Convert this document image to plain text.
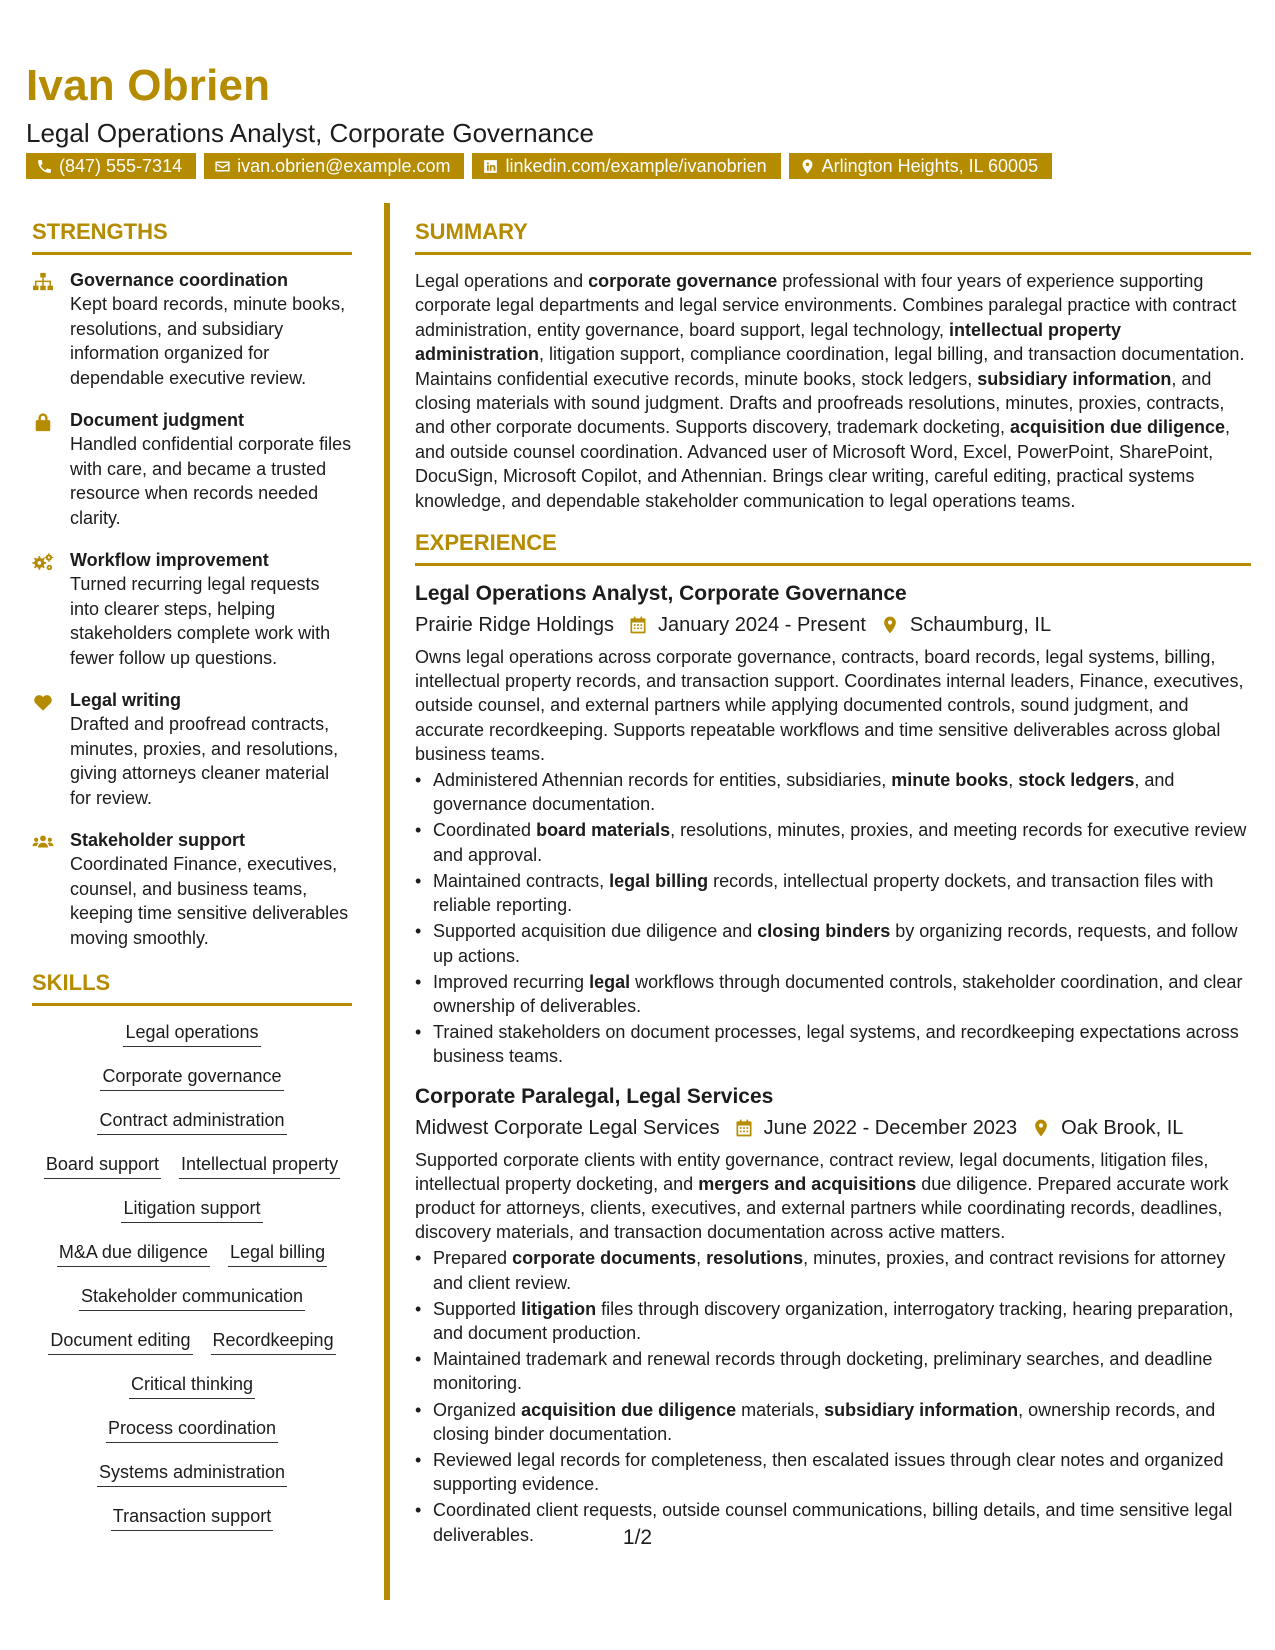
Ivan Obrien
Legal Operations Analyst, Corporate Governance
(847) 555-7314	ivan.obrien@example.com	linkedin.com/example/ivanobrien	Arlington Heights, IL 60005
STRENGTHS
Governance coordination
Kept board records, minute books, resolutions, and subsidiary information organized for dependable executive review.
Document judgment
Handled confidential corporate files with care, and became a trusted resource when records needed clarity.
Workflow improvement
Turned recurring legal requests into clearer steps, helping stakeholders complete work with fewer follow up questions.
Legal writing
Drafted and proofread contracts, minutes, proxies, and resolutions, giving attorneys cleaner material for review.
Stakeholder support
Coordinated Finance, executives, counsel, and business teams, keeping time sensitive deliverables moving smoothly.
SKILLS
Legal operations
Corporate governance
Contract administration
Board support Intellectual property
Litigation support
M&A due diligence Legal billing
Stakeholder communication
Document editing Recordkeeping
Critical thinking
Process coordination
Systems administration
Transaction support
SUMMARY

Legal operations and corporate governance professional with four years of experience supporting corporate legal departments and legal service environments. Combines paralegal practice with contract administration, entity governance, board support, legal technology, intellectual property administration, litigation support, compliance coordination, legal billing, and transaction documentation. Maintains confidential executive records, minute books, stock ledgers, subsidiary information, and closing materials with sound judgment. Drafts and proofreads resolutions, minutes, proxies, contracts, and other corporate documents. Supports discovery, trademark docketing, acquisition due diligence, and outside counsel coordination. Advanced user of Microsoft Word, Excel, PowerPoint, SharePoint, DocuSign, Microsoft Copilot, and Athennian. Brings clear writing, careful editing, practical systems knowledge, and dependable stakeholder communication to legal operations teams.

EXPERIENCE
Legal Operations Analyst, Corporate Governance
Prairie Ridge Holdings January 2024 - Present Schaumburg, IL

Owns legal operations across corporate governance, contracts, board records, legal systems, billing, intellectual property records, and transaction support. Coordinates internal leaders, Finance, executives, outside counsel, and external partners while applying documented controls, sound judgment, and accurate recordkeeping. Supports repeatable workflows and time sensitive deliverables across global business teams.

• Administered Athennian records for entities, subsidiaries, minute books, stock ledgers, and governance documentation.
• Coordinated board materials, resolutions, minutes, proxies, and meeting records for executive review and approval.
• Maintained contracts, legal billing records, intellectual property dockets, and transaction files with reliable reporting.
• Supported acquisition due diligence and closing binders by organizing records, requests, and follow up actions.
• Improved recurring legal workflows through documented controls, stakeholder coordination, and clear ownership of deliverables.
• Trained stakeholders on document processes, legal systems, and recordkeeping expectations across business teams.
Corporate Paralegal, Legal Services
Midwest Corporate Legal Services June 2022 - December 2023 Oak Brook, IL

Supported corporate clients with entity governance, contract review, legal documents, litigation files, intellectual property docketing, and mergers and acquisitions due diligence. Prepared accurate work product for attorneys, clients, executives, and external partners while coordinating records, deadlines, discovery materials, and transaction documentation across active matters.

• Prepared corporate documents, resolutions, minutes, proxies, and contract revisions for attorney and client review.
• Supported litigation files through discovery organization, interrogatory tracking, hearing preparation, and document production.
• Maintained trademark and renewal records through docketing, preliminary searches, and deadline monitoring.
• Organized acquisition due diligence materials, subsidiary information, ownership records, and closing binder documentation.
• Reviewed legal records for completeness, then escalated issues through clear notes and organized supporting evidence.
• Coordinated client requests, outside counsel communications, billing details, and time sensitive legal deliverables.	1/2
